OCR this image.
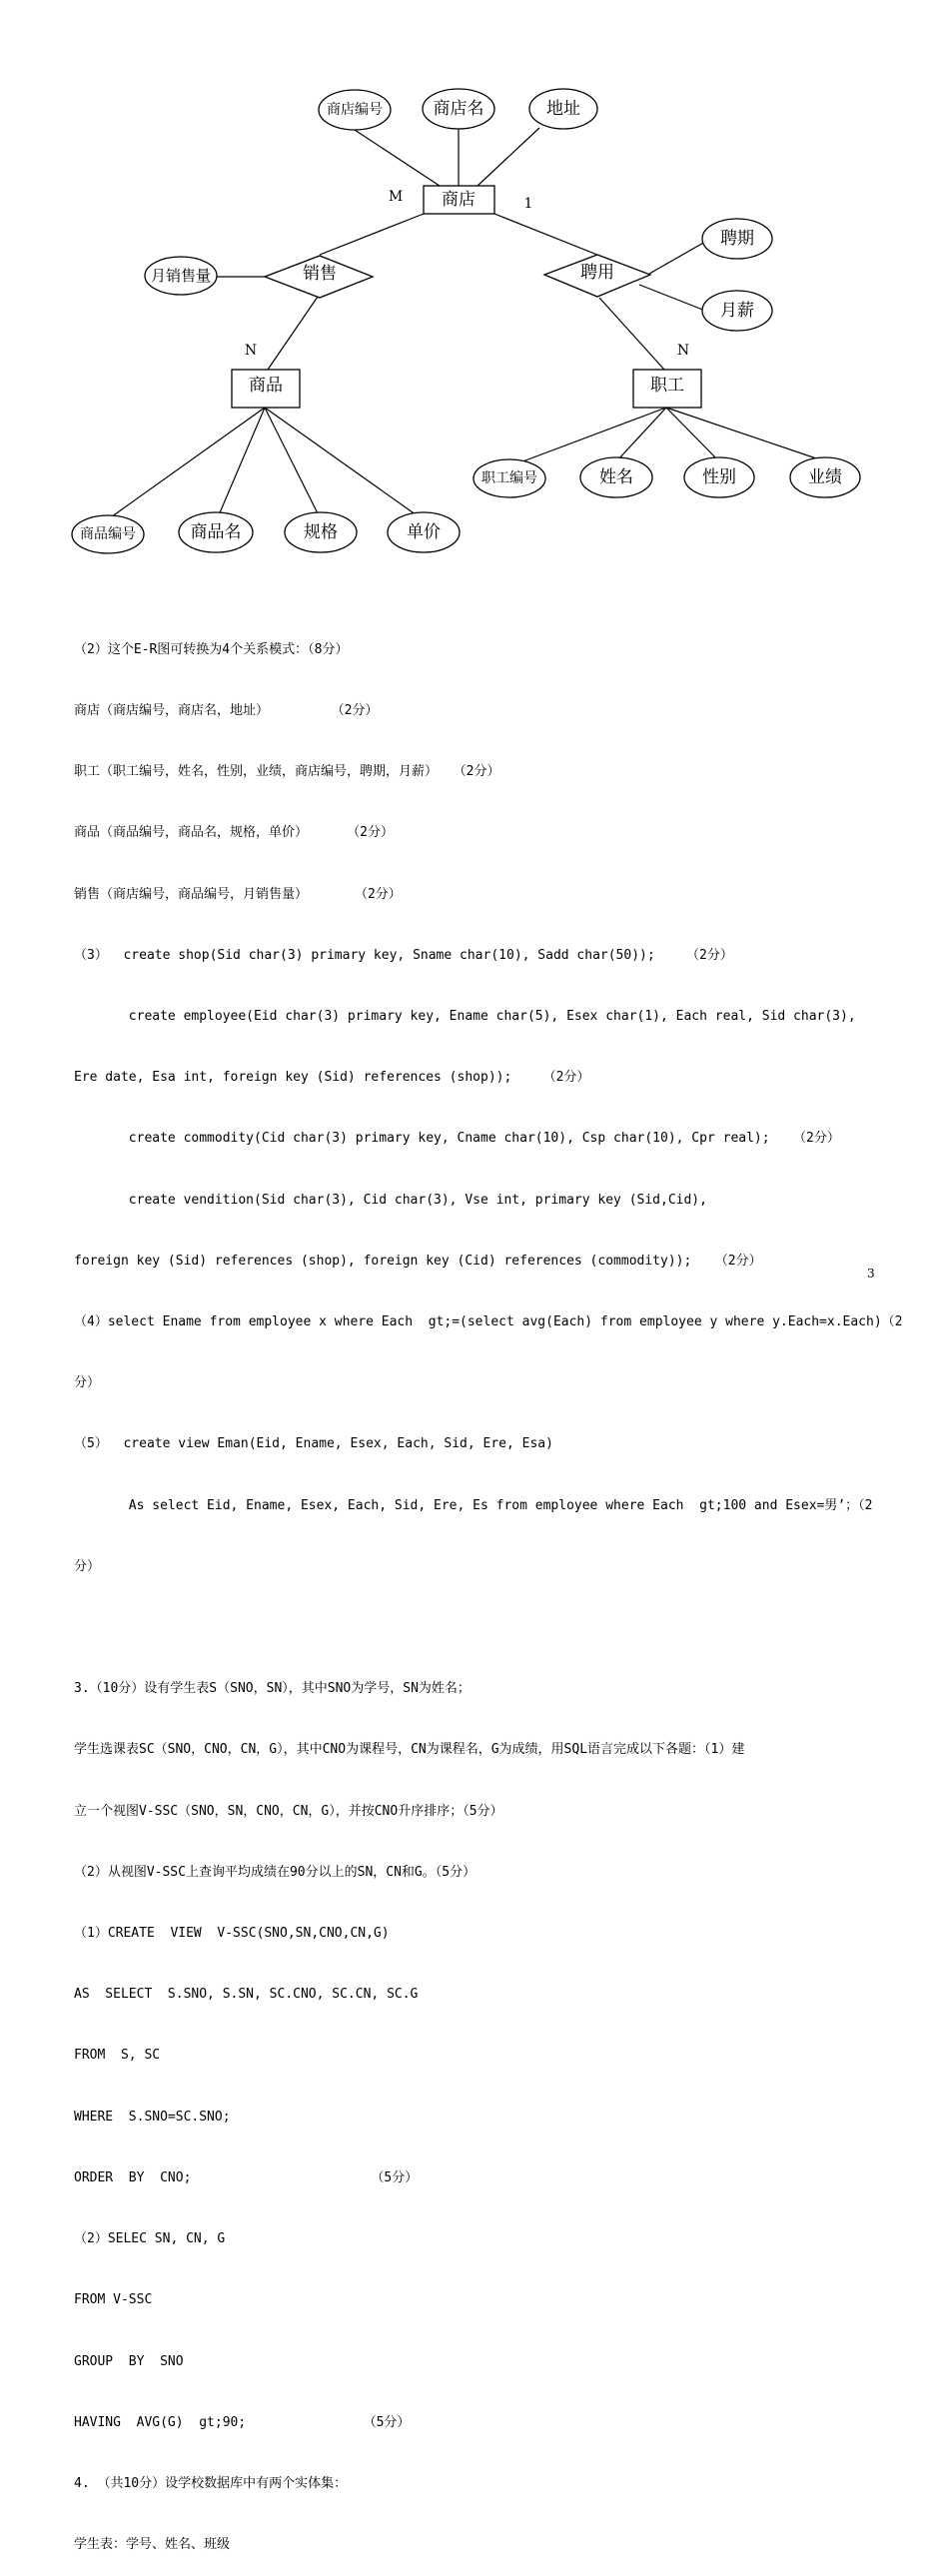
商店
商品	职工
销售	聘用
商店编号	商店名	地址
月销售量
聘期
月薪
商品编号	商品名	规格	单价
职工编号	姓名	性别	业绩
M	1
N	N

（2）这个E-R图可转换为4个关系模式：（8分）

商店（商店编号，商店名，地址）        （2分）

职工（职工编号，姓名，性别，业绩，商店编号，聘期，月薪）  （2分）

商品（商品编号，商品名，规格，单价）     （2分）

销售（商店编号，商品编号，月销售量）      （2分）

（3）  create shop(Sid char(3) primary key, Sname char(10), Sadd char(50));    （2分）

create employee(Eid char(3) primary key, Ename char(5), Esex char(1), Each real, Sid char(3),

Ere date, Esa int, foreign key (Sid) references (shop));    （2分）

create commodity(Cid char(3) primary key, Cname char(10), Csp char(10), Cpr real);   （2分）

create vendition(Sid char(3), Cid char(3), Vse int, primary key (Sid,Cid),

foreign key (Sid) references (shop), foreign key (Cid) references (commodity));   （2分）

（4）select Ename from employee x where Each  gt;=(select avg(Each) from employee y where y.Each=x.Each)（2

分）

（5）  create view Eman(Eid, Ename, Esex, Each, Sid, Ere, Esa)

As select Eid, Ename, Esex, Each, Sid, Ere, Es from employee where Each  gt;100 and Esex=男’；（2

分）

3.（10分）设有学生表S（SNO，SN），其中SNO为学号，SN为姓名；

学生选课表SC（SNO，CNO，CN，G），其中CNO为课程号，CN为课程名，G为成绩，用SQL语言完成以下各题：（1）建

立一个视图V-SSC（SNO，SN，CNO，CN，G），并按CNO升序排序；（5分）

（2）从视图V-SSC上查询平均成绩在90分以上的SN，CN和G。（5分）

（1）CREATE  VIEW  V-SSC(SNO,SN,CNO,CN,G)

AS  SELECT  S.SNO, S.SN, SC.CNO, SC.CN, SC.G

FROM  S, SC

WHERE  S.SNO=SC.SNO;

ORDER  BY  CNO;                       （5分）

（2）SELEC SN, CN, G

FROM V-SSC

GROUP  BY  SNO

HAVING  AVG(G)  gt;90;               （5分）

4. （共10分）设学校数据库中有两个实体集：

学生表：学号、姓名、班级

3
